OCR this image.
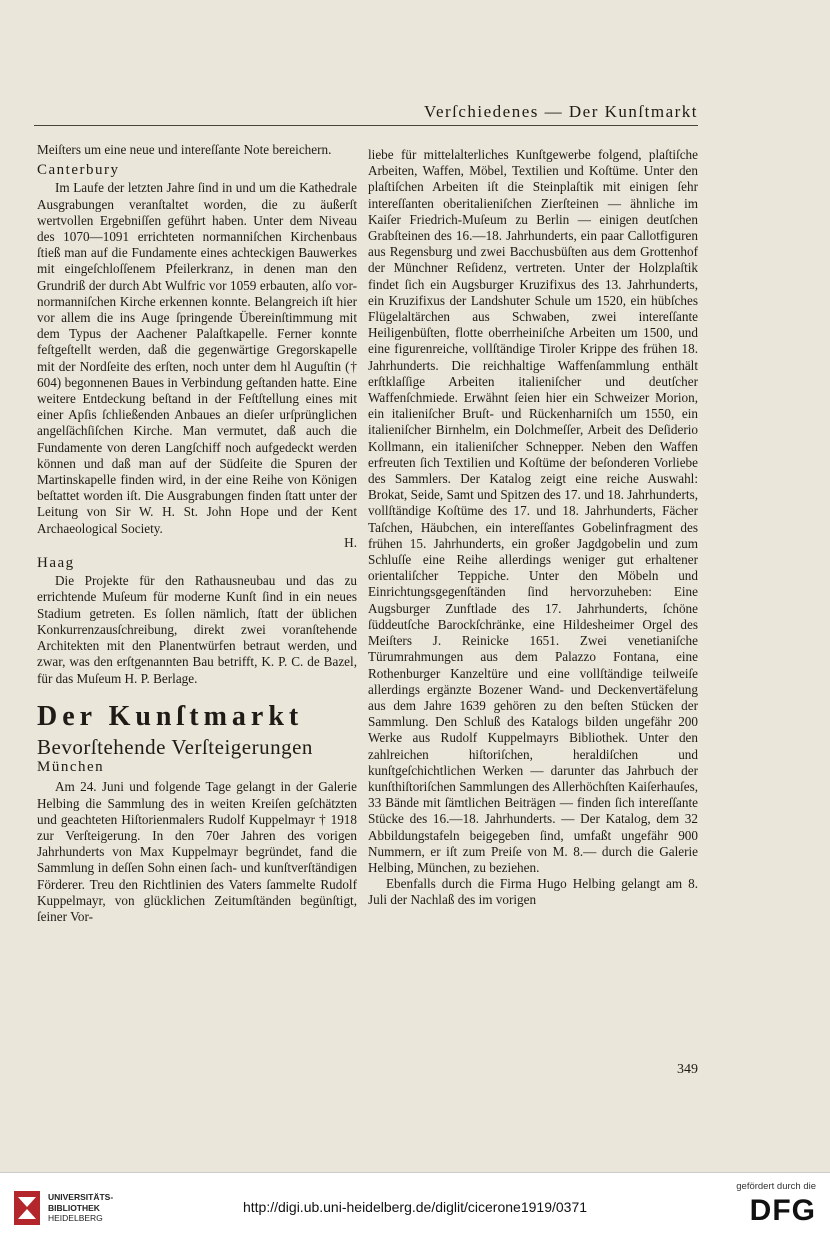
Verſchiedenes — Der Kunſtmarkt

Meiſters um eine neue und intereſſante Note bereichern.

Canterbury

Im Laufe der letzten Jahre ſind in und um die Kathedrale Ausgrabungen veranſtaltet worden, die zu äußerſt wertvollen Ergebniſſen geführt haben. Unter dem Niveau des 1070—1091 errichteten normanniſchen Kirchenbaus ſtieß man auf die Fundamente eines achteckigen Bauwerkes mit eingeſchloſſenem Pfeilerkranz, in denen man den Grundriß der durch Abt Wulfric vor 1059 erbauten, alſo vor-normanniſchen Kirche erkennen konnte. Belangreich iſt hier vor allem die ins Auge ſpringende Übereinſtimmung mit dem Typus der Aachener Palaſtkapelle. Ferner konnte feſtgeſtellt werden, daß die gegenwärtige Gregorskapelle mit der Nordſeite des erſten, noch unter dem hl Auguſtin († 604) begonnenen Baues in Verbindung geſtanden hatte. Eine weitere Entdeckung beſtand in der Feſtſtellung eines mit einer Apſis ſchließenden Anbaues an dieſer urſprünglichen angelſächſiſchen Kirche. Man vermutet, daß auch die Fundamente von deren Langſchiff noch aufgedeckt werden können und daß man auf der Südſeite die Spuren der Martinskapelle finden wird, in der eine Reihe von Königen beſtattet worden iſt. Die Ausgrabungen finden ſtatt unter der Leitung von Sir W. H. St. John Hope und der Kent Archaeological Society.

H.
Haag

Die Projekte für den Rathausneubau und das zu errichtende Muſeum für moderne Kunſt ſind in ein neues Stadium getreten. Es ſollen nämlich, ſtatt der üblichen Konkurrenzausſchreibung, direkt zwei voranſtehende Architekten mit den Planentwürfen betraut werden, und zwar, was den erſtgenannten Bau betrifft, K. P. C. de Bazel, für das Muſeum H. P. Berlage.

Der Kunſtmarkt
Bevorſtehende Verſteigerungen
München

Am 24. Juni und folgende Tage gelangt in der Galerie Helbing die Sammlung des in weiten Kreiſen geſchätzten und geachteten Hiſtorienmalers Rudolf Kuppelmayr † 1918 zur Verſteigerung. In den 70er Jahren des vorigen Jahrhunderts von Max Kuppelmayr begründet, fand die Sammlung in deſſen Sohn einen ſach- und kunſtverſtändigen Förderer. Treu den Richtlinien des Vaters ſammelte Rudolf Kuppelmayr, von glücklichen Zeitumſtänden begünſtigt, ſeiner Vor-

liebe für mittelalterliches Kunſtgewerbe folgend, plaſtiſche Arbeiten, Waffen, Möbel, Textilien und Koſtüme. Unter den plaſtiſchen Arbeiten iſt die Steinplaſtik mit einigen ſehr intereſſanten oberitalieniſchen Zierſteinen — ähnliche im Kaiſer Friedrich-Muſeum zu Berlin — einigen deutſchen Grabſteinen des 16.—18. Jahrhunderts, ein paar Callotfiguren aus Regensburg und zwei Bacchusbüſten aus dem Grottenhof der Münchner Reſidenz, vertreten. Unter der Holzplaſtik findet ſich ein Augsburger Kruzifixus des 13. Jahrhunderts, ein Kruzifixus der Landshuter Schule um 1520, ein hübſches Flügelaltärchen aus Schwaben, zwei intereſſante Heiligenbüſten, flotte oberrheiniſche Arbeiten um 1500, und eine figurenreiche, vollſtändige Tiroler Krippe des frühen 18. Jahrhunderts. Die reichhaltige Waffenſammlung enthält erſtklaſſige Arbeiten italieniſcher und deutſcher Waffenſchmiede. Erwähnt ſeien hier ein Schweizer Morion, ein italieniſcher Bruſt- und Rückenharniſch um 1550, ein italieniſcher Birnhelm, ein Dolchmeſſer, Arbeit des Deſiderio Kollmann, ein italieniſcher Schnepper. Neben den Waffen erfreuten ſich Textilien und Koſtüme der beſonderen Vorliebe des Sammlers. Der Katalog zeigt eine reiche Auswahl: Brokat, Seide, Samt und Spitzen des 17. und 18. Jahrhunderts, vollſtändige Koſtüme des 17. und 18. Jahrhunderts, Fächer Taſchen, Häubchen, ein intereſſantes Gobelinfragment des frühen 15. Jahrhunderts, ein großer Jagdgobelin und zum Schluſſe eine Reihe allerdings weniger gut erhaltener orientaliſcher Teppiche. Unter den Möbeln und Einrichtungsgegenſtänden ſind hervorzuheben: Eine Augsburger Zunftlade des 17. Jahrhunderts, ſchöne ſüddeutſche Barockſchränke, eine Hildesheimer Orgel des Meiſters J. Reinicke 1651. Zwei venetianiſche Türumrahmungen aus dem Palazzo Fontana, eine Rothenburger Kanzeltüre und eine vollſtändige teilweiſe allerdings ergänzte Bozener Wand- und Deckenvertäfelung aus dem Jahre 1639 gehören zu den beſten Stücken der Sammlung. Den Schluß des Katalogs bilden ungefähr 200 Werke aus Rudolf Kuppelmayrs Bibliothek. Unter den zahlreichen hiſtoriſchen, heraldiſchen und kunſtgeſchichtlichen Werken — darunter das Jahrbuch der kunſthiſtoriſchen Sammlungen des Allerhöchſten Kaiſerhauſes, 33 Bände mit ſämtlichen Beiträgen — finden ſich intereſſante Stücke des 16.—18. Jahrhunderts. — Der Katalog, dem 32 Abbildungstafeln beigegeben ſind, umfaßt ungefähr 900 Nummern, er iſt zum Preiſe von M. 8.— durch die Galerie Helbing, München, zu beziehen.

Ebenfalls durch die Firma Hugo Helbing gelangt am 8. Juli der Nachlaß des im vorigen

349
UNIVERSITÄTS-
BIBLIOTHEK
HEIDELBERG
http://digi.ub.uni-heidelberg.de/diglit/cicerone1919/0371
gefördert durch die
DFG
